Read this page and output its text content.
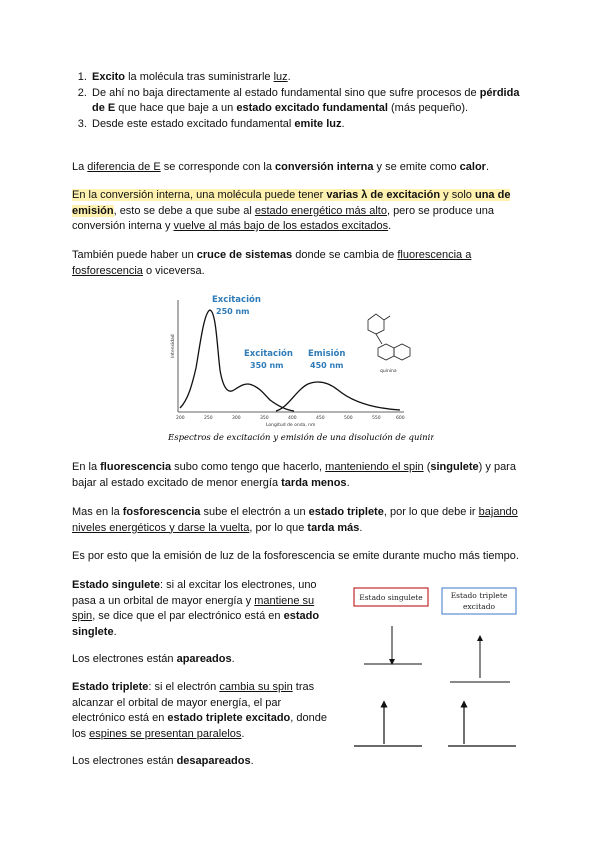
1. Excito la molécula tras suministrarle luz.
2. De ahí no baja directamente al estado fundamental sino que sufre procesos de pérdida de E que hace que baje a un estado excitado fundamental (más pequeño).
3. Desde este estado excitado fundamental emite luz.
La diferencia de E se corresponde con la conversión interna y se emite como calor.
En la conversión interna, una molécula puede tener varias λ de excitación y solo una de emisión, esto se debe a que sube al estado energético más alto, pero se produce una conversión interna y vuelve al más bajo de los estados excitados.
También puede haber un cruce de sistemas donde se cambia de fluorescencia a fosforescencia o viceversa.
Excitación
250 nm
Excitación
350 nm
Emisión
450 nm
Intensidad
200	250	300	350	400	450	500	550	600
Longitud de onda, nm
quinina
Espectros de excitación y emisión de una disolución de quinina
En la fluorescencia subo como tengo que hacerlo, manteniendo el spin (singulete) y para bajar al estado excitado de menor energía tarda menos.
Mas en la fosforescencia sube el electrón a un estado triplete, por lo que debe ir bajando niveles energéticos y darse la vuelta, por lo que tarda más.
Es por esto que la emisión de luz de la fosforescencia se emite durante mucho más tiempo.
Estado singulete: si al excitar los electrones, uno pasa a un orbital de mayor energía y mantiene su spin, se dice que el par electrónico está en estado singlete.
Los electrones están apareados.
Estado triplete: si el electrón cambia su spin tras alcanzar el orbital de mayor energía, el par electrónico está en estado triplete excitado, donde los espines se presentan paralelos.
Los electrones están desapareados.
Estado singulete	Estado triplete
excitado
